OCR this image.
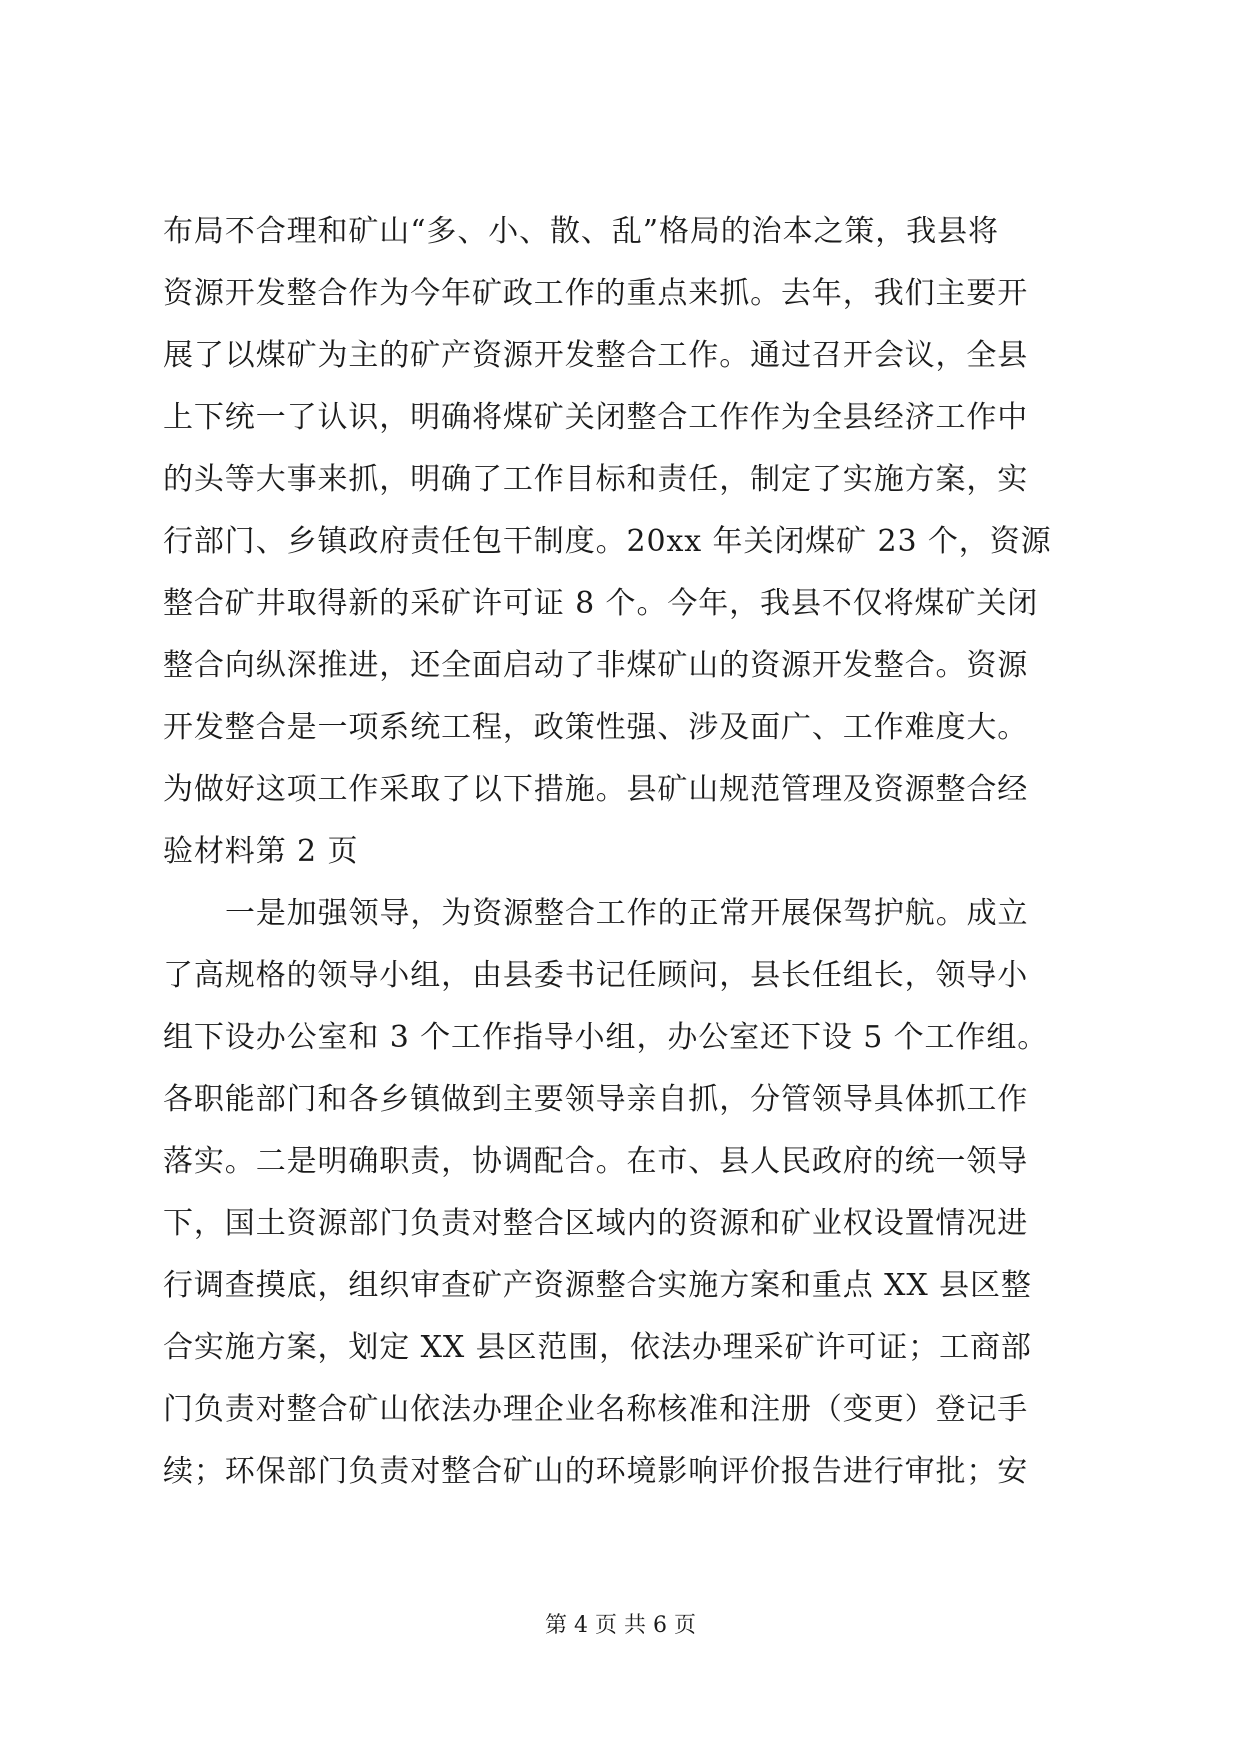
布局不合理和矿山“多、小、散、乱”格局的治本之策，我县将
资源开发整合作为今年矿政工作的重点来抓。去年，我们主要开
展了以煤矿为主的矿产资源开发整合工作。通过召开会议，全县
上下统一了认识，明确将煤矿关闭整合工作作为全县经济工作中
的头等大事来抓，明确了工作目标和责任，制定了实施方案，实
行部门、乡镇政府责任包干制度。20xx 年关闭煤矿 23 个，资源
整合矿井取得新的采矿许可证 8 个。今年，我县不仅将煤矿关闭
整合向纵深推进，还全面启动了非煤矿山的资源开发整合。资源
开发整合是一项系统工程，政策性强、涉及面广、工作难度大。
为做好这项工作采取了以下措施。县矿山规范管理及资源整合经
验材料第 2 页
一是加强领导，为资源整合工作的正常开展保驾护航。成立
了高规格的领导小组，由县委书记任顾问，县长任组长，领导小
组下设办公室和 3 个工作指导小组，办公室还下设 5 个工作组。
各职能部门和各乡镇做到主要领导亲自抓，分管领导具体抓工作
落实。二是明确职责，协调配合。在市、县人民政府的统一领导
下，国土资源部门负责对整合区域内的资源和矿业权设置情况进
行调查摸底，组织审查矿产资源整合实施方案和重点 XX 县区整
合实施方案，划定 XX 县区范围，依法办理采矿许可证；工商部
门负责对整合矿山依法办理企业名称核准和注册（变更）登记手
续；环保部门负责对整合矿山的环境影响评价报告进行审批；安
第 4 页 共 6 页
